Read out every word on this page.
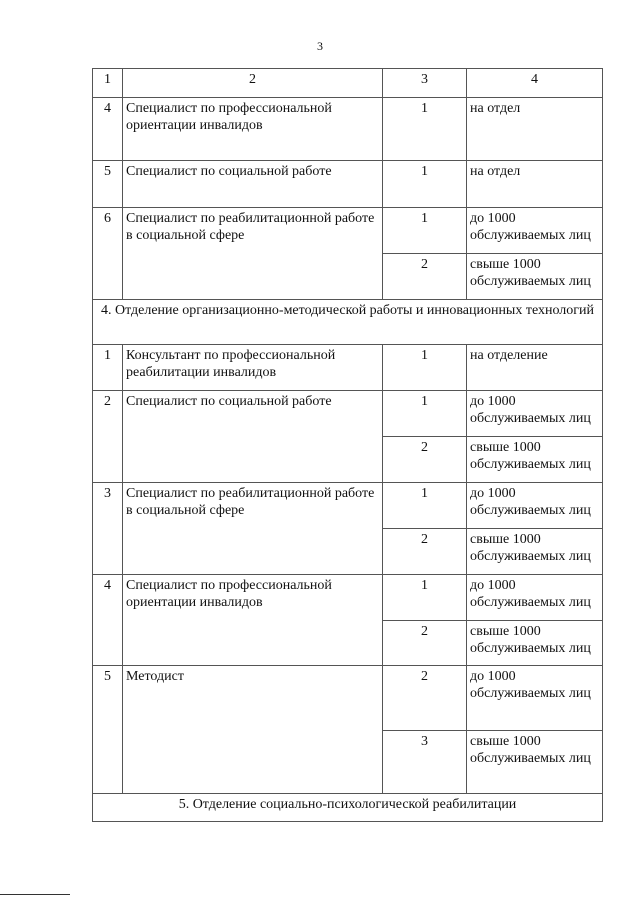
3
1	2	3	4
4	Специалист по профессиональной ориентации инвалидов	1	на отдел
5	Специалист по социальной работе	1	на отдел
6	Специалист по реабилитационной работе в социальной сфере	1	до 1000 обслуживаемых лиц
		2	свыше 1000 обслуживаемых лиц
4. Отделение организационно-методической работы и инновационных технологий			
1	Консультант по профессиональной реабилитации инвалидов	1	на отделение
2	Специалист по социальной работе	1	до 1000 обслуживаемых лиц
		2	свыше 1000 обслуживаемых лиц
3	Специалист по реабилитационной работе в социальной сфере	1	до 1000 обслуживаемых лиц
		2	свыше 1000 обслуживаемых лиц
4	Специалист по профессиональной ориентации инвалидов	1	до 1000 обслуживаемых лиц
		2	свыше 1000 обслуживаемых лиц
5	Методист	2	до 1000 обслуживаемых лиц
		3	свыше 1000 обслуживаемых лиц
5. Отделение социально-психологической реабилитации			
